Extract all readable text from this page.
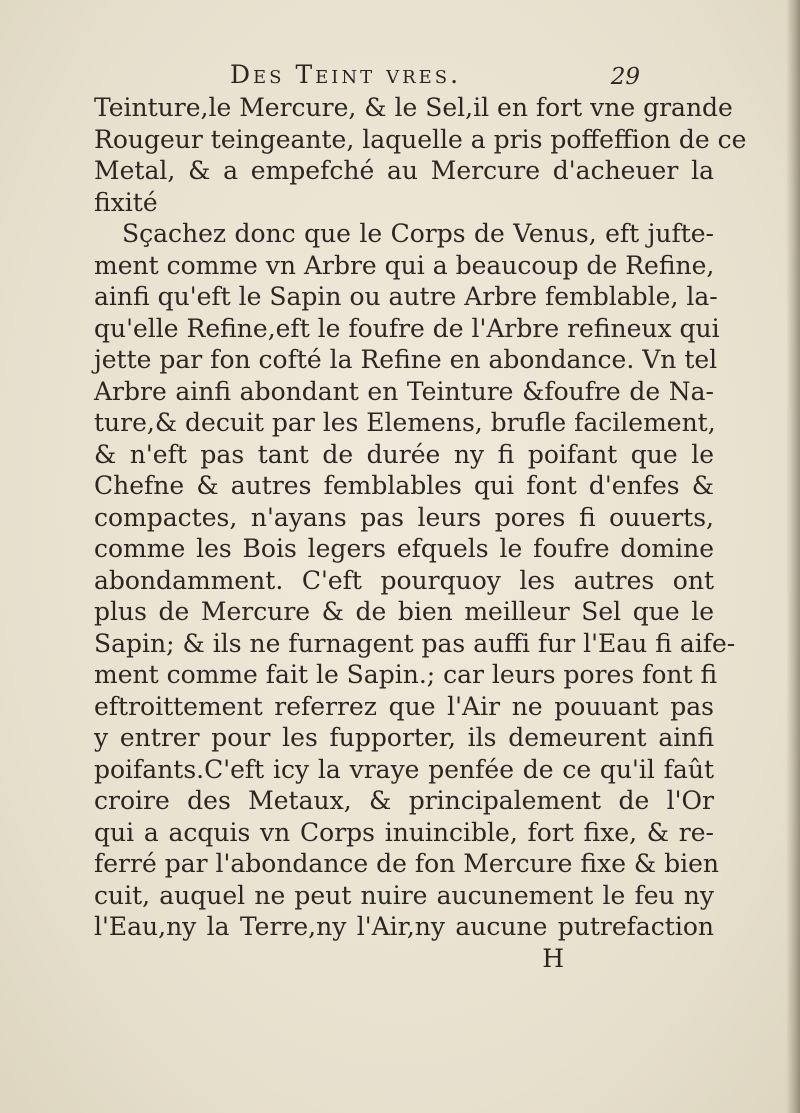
Des Teint vres.	29
Teinture,le Mercure, & le Sel,il en fort vne grande
Rougeur teingeante, laquelle a pris poffeffion de ce
Metal, & a empefché au Mercure d'acheuer la
fixité
Sçachez donc que le Corps de Venus, eft jufte-
ment comme vn Arbre qui a beaucoup de Refine,
ainfi qu'eft le Sapin ou autre Arbre femblable, la-
qu'elle Refine,eft le foufre de l'Arbre refineux qui
jette par fon cofté la Refine en abondance. Vn tel
Arbre ainfi abondant en Teinture &foufre de Na-
ture,& decuit par les Elemens, brufle facilement,
& n'eft pas tant de durée ny fi poifant que le
Chefne & autres femblables qui font d'enfes &
compactes, n'ayans pas leurs pores fi ouuerts,
comme les Bois legers efquels le foufre domine
abondamment. C'eft pourquoy les autres ont
plus de Mercure & de bien meilleur Sel que le
Sapin; & ils ne furnagent pas auffi fur l'Eau fi aife-
ment comme fait le Sapin.; car leurs pores font fi
eftroittement referrez que l'Air ne pouuant pas
y entrer pour les fupporter, ils demeurent ainfi
poifants.C'eft icy la vraye penfée de ce qu'il faût
croire des Metaux, & principalement de l'Or
qui a acquis vn Corps inuincible, fort fixe, & re-
ferré par l'abondance de fon Mercure fixe & bien
cuit, auquel ne peut nuire aucunement le feu ny
l'Eau,ny la Terre,ny l'Air,ny aucune putrefaction
H
